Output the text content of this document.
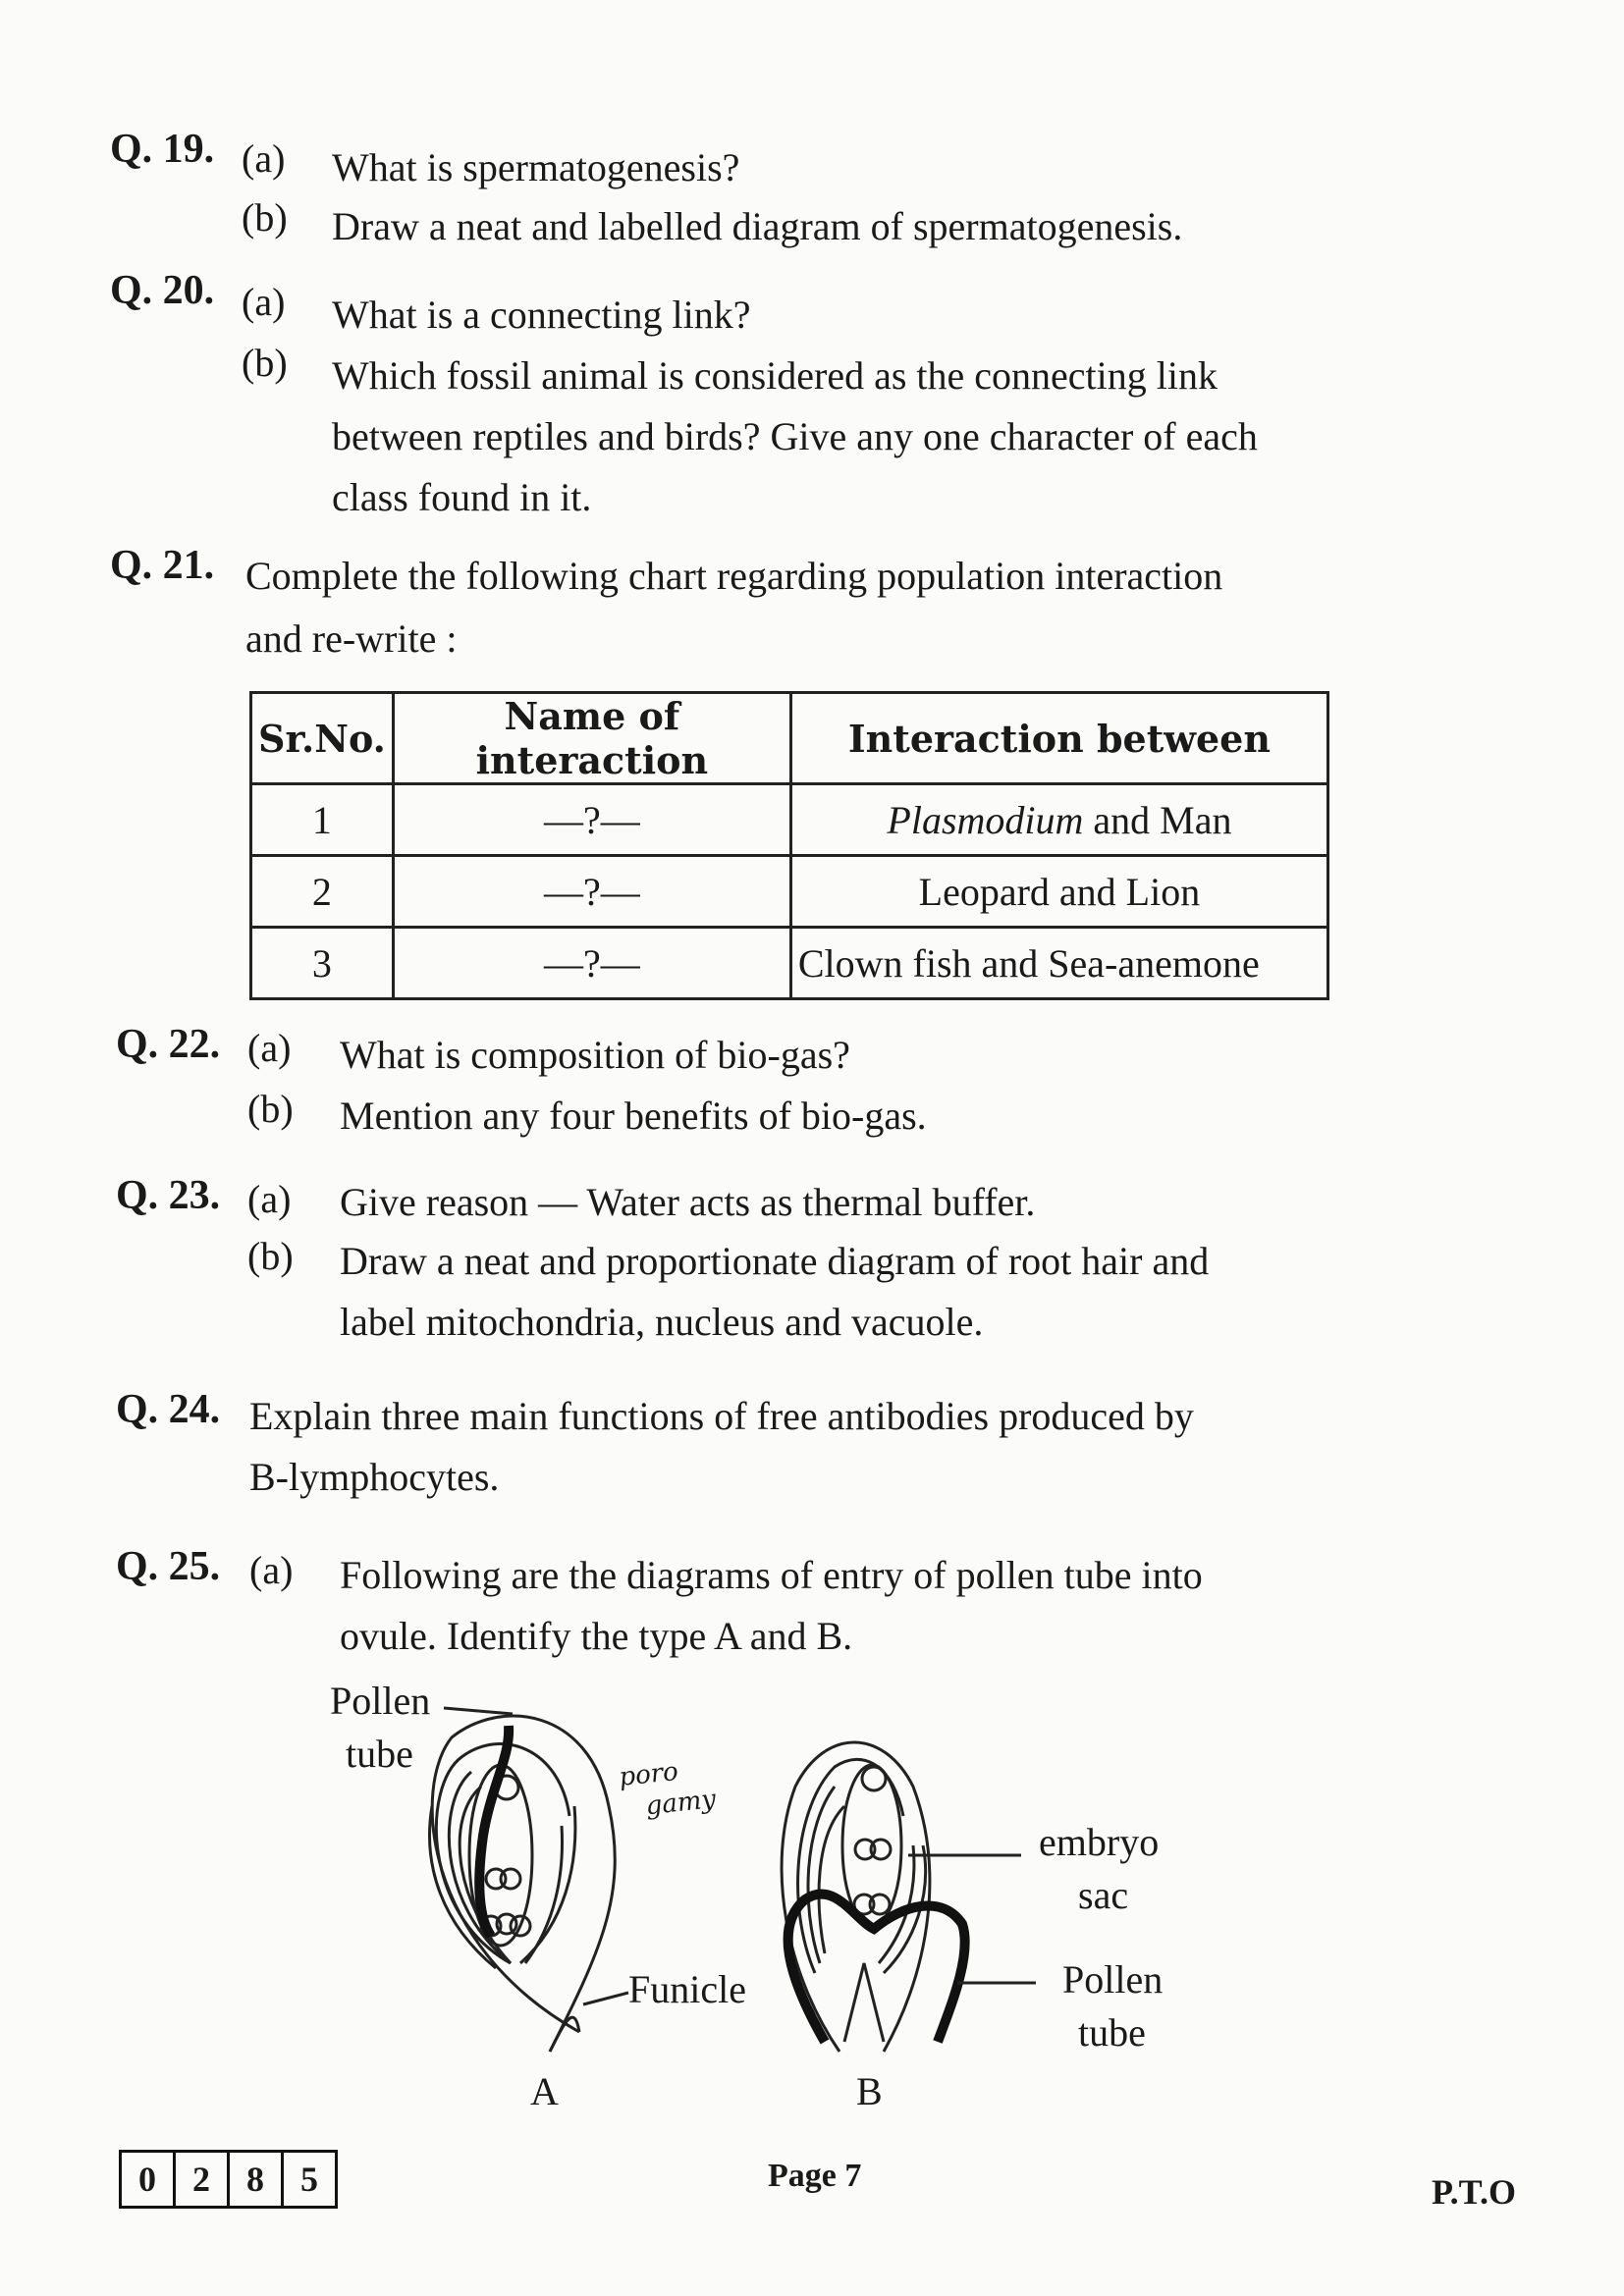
Q. 19. (a) What is spermatogenesis?
(b) Draw a neat and labelled diagram of spermatogenesis.
Q. 20. (a) What is a connecting link?
(b) Which fossil animal is considered as the connecting link
between reptiles and birds? Give any one character of each
class found in it.
Q. 21. Complete the following chart regarding population interaction
and re-write :
Sr.No.	Name of interaction	Interaction between
1	—?—	Plasmodium and Man
2	—?—	Leopard and Lion
3	—?—	Clown fish and Sea-anemone
Q. 22. (a) What is composition of bio-gas?
(b) Mention any four benefits of bio-gas.
Q. 23. (a) Give reason — Water acts as thermal buffer.
(b) Draw a neat and proportionate diagram of root hair and
label mitochondria, nucleus and vacuole.
Q. 24. Explain three main functions of free antibodies produced by
B-lymphocytes.
Q. 25. (a) Following are the diagrams of entry of pollen tube into
ovule. Identify the type A and B.
Pollen
tube
Funicle
embryo
sac
Pollen
tube
A	B
poro
gamy
0	2	8	5	Page 7	P.T.O
